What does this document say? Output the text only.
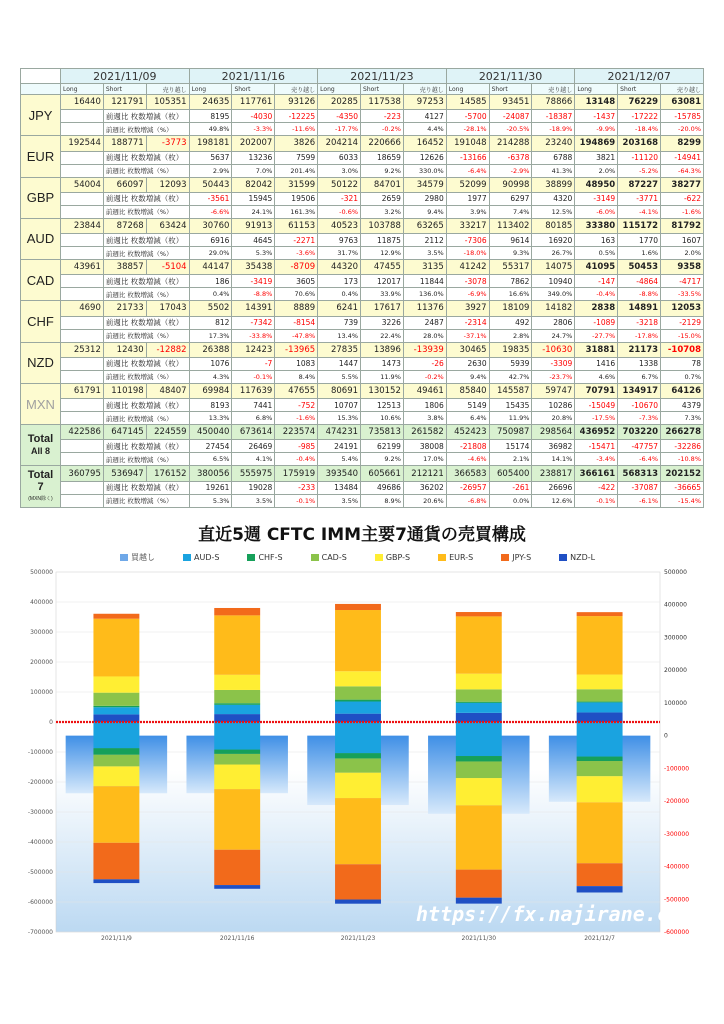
	2021/11/09			2021/11/16			2021/11/23			2021/11/30			2021/12/07		
	Long	Short	売り越し	Long	Short	売り越し	Long	Short	売り越し	Long	Short	売り越し	Long	Short	売り越し

JPY	16440	121791	105351	24635	117761	93126	20285	117538	97253	14585	93451	78866	13148	76229	63081
		前週比 枚数増減（枚）		8195	-4030	-12225	-4350	-223	4127	-5700	-24087	-18387	-1437	-17222	-15785
		前週比 枚数増減（%）		49.8%	-3.3%	-11.6%	-17.7%	-0.2%	4.4%	-28.1%	-20.5%	-18.9%	-9.9%	-18.4%	-20.0%

EUR	192544	188771	-3773	198181	202007	3826	204214	220666	16452	191048	214288	23240	194869	203168	8299
		前週比 枚数増減（枚）		5637	13236	7599	6033	18659	12626	-13166	-6378	6788	3821	-11120	-14941
		前週比 枚数増減（%）		2.9%	7.0%	201.4%	3.0%	9.2%	330.0%	-6.4%	-2.9%	41.3%	2.0%	-5.2%	-64.3%

GBP	54004	66097	12093	50443	82042	31599	50122	84701	34579	52099	90998	38899	48950	87227	38277
		前週比 枚数増減（枚）		-3561	15945	19506	-321	2659	2980	1977	6297	4320	-3149	-3771	-622
		前週比 枚数増減（%）		-6.6%	24.1%	161.3%	-0.6%	3.2%	9.4%	3.9%	7.4%	12.5%	-6.0%	-4.1%	-1.6%

AUD	23844	87268	63424	30760	91913	61153	40523	103788	63265	33217	113402	80185	33380	115172	81792
		前週比 枚数増減（枚）		6916	4645	-2271	9763	11875	2112	-7306	9614	16920	163	1770	1607
		前週比 枚数増減（%）		29.0%	5.3%	-3.6%	31.7%	12.9%	3.5%	-18.0%	9.3%	26.7%	0.5%	1.6%	2.0%

CAD	43961	38857	-5104	44147	35438	-8709	44320	47455	3135	41242	55317	14075	41095	50453	9358
		前週比 枚数増減（枚）		186	-3419	3605	173	12017	11844	-3078	7862	10940	-147	-4864	-4717
		前週比 枚数増減（%）		0.4%	-8.8%	70.6%	0.4%	33.9%	136.0%	-6.9%	16.6%	349.0%	-0.4%	-8.8%	-33.5%

CHF	4690	21733	17043	5502	14391	8889	6241	17617	11376	3927	18109	14182	2838	14891	12053
		前週比 枚数増減（枚）		812	-7342	-8154	739	3226	2487	-2314	492	2806	-1089	-3218	-2129
		前週比 枚数増減（%）		17.3%	-33.8%	-47.8%	13.4%	22.4%	28.0%	-37.1%	2.8%	24.7%	-27.7%	-17.8%	-15.0%

NZD	25312	12430	-12882	26388	12423	-13965	27835	13896	-13939	30465	19835	-10630	31881	21173	-10708
		前週比 枚数増減（枚）		1076	-7	1083	1447	1473	-26	2630	5939	-3309	1416	1338	78
		前週比 枚数増減（%）		4.3%	-0.1%	8.4%	5.5%	11.9%	-0.2%	9.4%	42.7%	-23.7%	4.6%	6.7%	0.7%

MXN	61791	110198	48407	69984	117639	47655	80691	130152	49461	85840	145587	59747	70791	134917	64126
		前週比 枚数増減（枚）		8193	7441	-752	10707	12513	1806	5149	15435	10286	-15049	-10670	4379
		前週比 枚数増減（%）		13.3%	6.8%	-1.6%	15.3%	10.6%	3.8%	6.4%	11.9%	20.8%	-17.5%	-7.3%	7.3%

Total
All 8	422586	647145	224559	450040	673614	223574	474231	735813	261582	452423	750987	298564	436952	703220	266278
		前週比 枚数増減（枚）		27454	26469	-985	24191	62199	38008	-21808	15174	36982	-15471	-47757	-32286
		前週比 枚数増減（%）		6.5%	4.1%	-0.4%	5.4%	9.2%	17.0%	-4.6%	2.1%	14.1%	-3.4%	-6.4%	-10.8%

Total
7
(MXN除く)	360795	536947	176152	380056	555975	175919	393540	605661	212121	366583	605400	238817	366161	568313	202152
		前週比 枚数増減（枚）		19261	19028	-233	13484	49686	36202	-26957	-261	26696	-422	-37087	-36665
		前週比 枚数増減（%）		5.3%	3.5%	-0.1%	3.5%	8.9%	20.6%	-6.8%	0.0%	12.6%	-0.1%	-6.1%	-15.4%
直近5週 CFTC IMM主要7通貨の売買構成
買越し	AUD-S	CHF-S	CAD-S	GBP-S	EUR-S	JPY-S	NZD-L
-700000
-600000
-500000
-400000
-300000
-200000
-100000
0
100000
200000
300000
400000
500000
-600000
-500000
-400000
-300000
-200000
-100000
0
100000
200000
300000
400000
500000
2021/11/9	2021/11/16	2021/11/23	2021/11/30	2021/12/7
https://fx.najirane.com
